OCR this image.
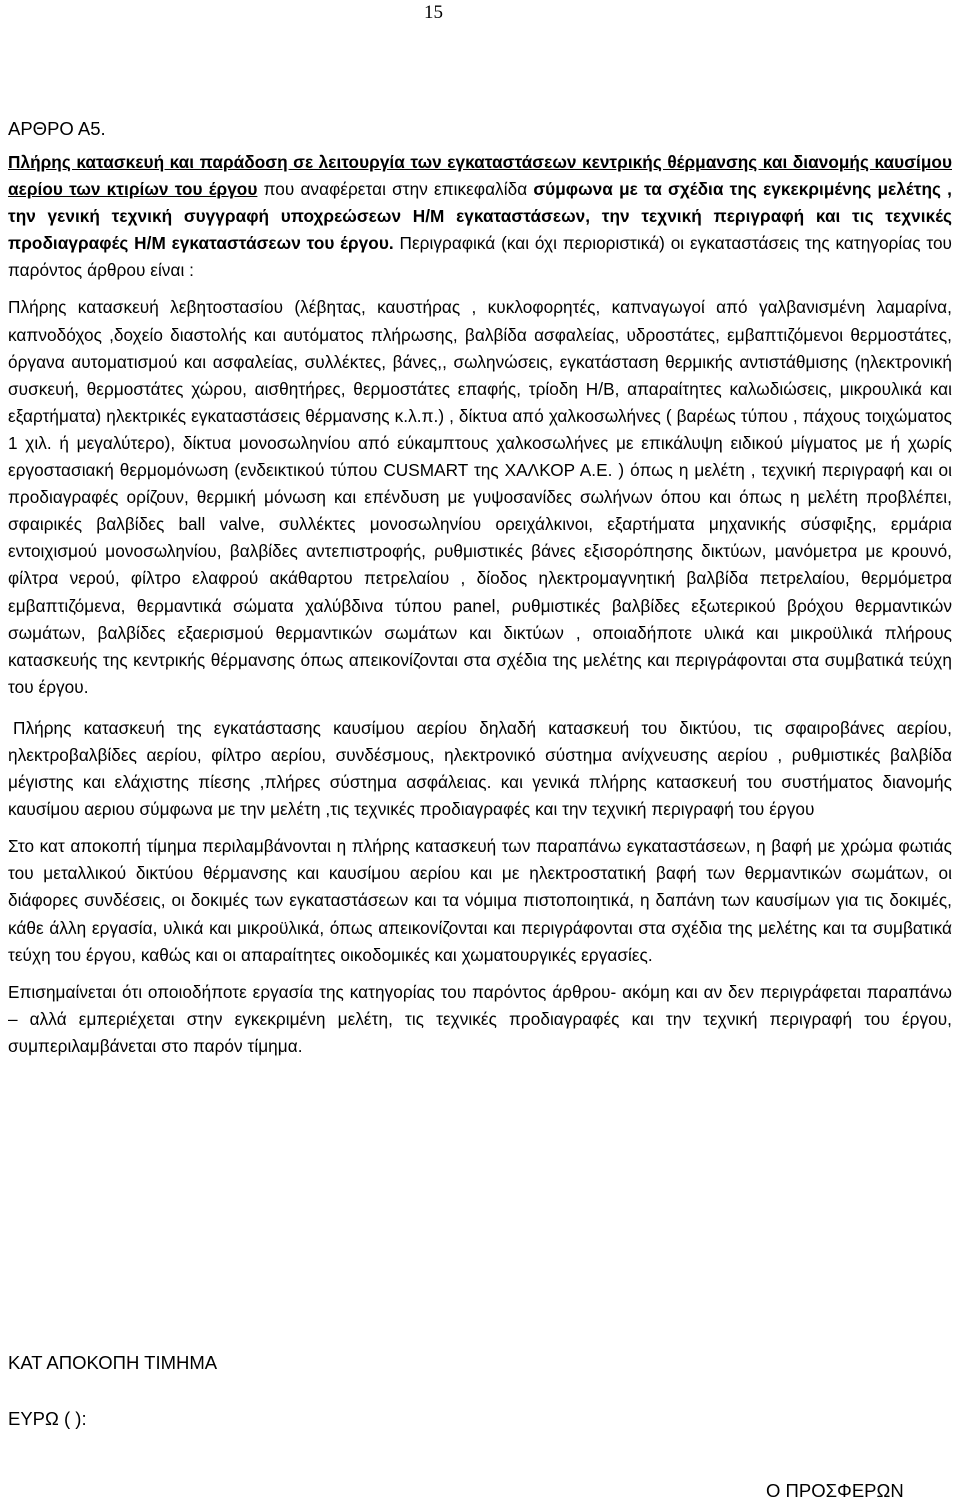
15
ΑΡΘΡΟ Α5.

Πλήρης κατασκευή και παράδοση σε λειτουργία των εγκαταστάσεων κεντρικής θέρμανσης και διανομής καυσίμου αερίου των κτιρίων του έργου που αναφέρεται στην επικεφαλίδα σύμφωνα με τα σχέδια της εγκεκριμένης μελέτης , την γενική τεχνική συγγραφή υποχρεώσεων Η/Μ εγκαταστάσεων, την τεχνική περιγραφή και τις τεχνικές προδιαγραφές Η/Μ εγκαταστάσεων του έργου. Περιγραφικά (και όχι περιοριστικά) οι εγκαταστάσεις της κατηγορίας του παρόντος άρθρου είναι :

Πλήρης κατασκευή λεβητοστασίου (λέβητας, καυστήρας , κυκλοφορητές, καπναγωγοί από γαλβανισμένη λαμαρίνα, καπνοδόχος ,δοχείο διαστολής και αυτόματος πλήρωσης, βαλβίδα ασφαλείας, υδροστάτες, εμβαπτιζόμενοι θερμοστάτες, όργανα αυτοματισμού και ασφαλείας, συλλέκτες, βάνες,, σωληνώσεις, εγκατάσταση θερμικής αντιστάθμισης (ηλεκτρονική συσκευή, θερμοστάτες χώρου, αισθητήρες, θερμοστάτες επαφής, τρίοδη Η/Β, απαραίτητες καλωδιώσεις, μικρουλικά και εξαρτήματα) ηλεκτρικές εγκαταστάσεις θέρμανσης κ.λ.π.) , δίκτυα από χαλκοσωλήνες ( βαρέως τύπου , πάχους τοιχώματος 1 χιλ. ή μεγαλύτερο), δίκτυα μονοσωληνίου από εύκαμπτους χαλκοσωλήνες με επικάλυψη ειδικού μίγματος με ή χωρίς εργοστασιακή θερμομόνωση (ενδεικτικού τύπου CUSMART της ΧΑΛΚΟΡ Α.Ε. ) όπως η μελέτη , τεχνική περιγραφή και οι προδιαγραφές ορίζουν, θερμική μόνωση και επένδυση με γυψοσανίδες σωλήνων όπου και όπως η μελέτη προβλέπει, σφαιρικές βαλβίδες ball valve, συλλέκτες μονοσωληνίου ορειχάλκινοι, εξαρτήματα μηχανικής σύσφιξης, ερμάρια εντοιχισμού μονοσωληνίου, βαλβίδες αντεπιστροφής, ρυθμιστικές βάνες εξισορόπησης δικτύων, μανόμετρα με κρουνό, φίλτρα νερού, φίλτρο ελαφρού ακάθαρτου πετρελαίου , δίοδος ηλεκτρομαγνητική βαλβίδα πετρελαίου, θερμόμετρα εμβαπτιζόμενα, θερμαντικά σώματα χαλύβδινα τύπου panel, ρυθμιστικές βαλβίδες εξωτερικού βρόχου θερμαντικών σωμάτων, βαλβίδες εξαερισμού θερμαντικών σωμάτων και δικτύων , οποιαδήποτε υλικά και μικροϋλικά πλήρους κατασκευής της κεντρικής θέρμανσης όπως απεικονίζονται στα σχέδια της μελέτης και περιγράφονται στα συμβατικά τεύχη του έργου.

Πλήρης κατασκευή της εγκατάστασης καυσίμου αερίου δηλαδή κατασκευή του δικτύου, τις σφαιροβάνες αερίου, ηλεκτροβαλβίδες αερίου, φίλτρο αερίου, συνδέσμους, ηλεκτρονικό σύστημα ανίχνευσης αερίου , ρυθμιστικές βαλβίδα μέγιστης και ελάχιστης πίεσης ,πλήρες σύστημα ασφάλειας. και γενικά πλήρης κατασκευή του συστήματος διανομής καυσίμου αεριου σύμφωνα με την μελέτη ,τις τεχνικές προδιαγραφές και την τεχνική περιγραφή του έργου

Στο κατ αποκοπή τίμημα περιλαμβάνονται η πλήρης κατασκευή των παραπάνω εγκαταστάσεων, η βαφή με χρώμα φωτιάς του μεταλλικού δικτύου θέρμανσης και καυσίμου αερίου και με ηλεκτροστατική βαφή των θερμαντικών σωμάτων, οι διάφορες συνδέσεις, οι δοκιμές των εγκαταστάσεων και τα νόμιμα πιστοποιητικά, η δαπάνη των καυσίμων για τις δοκιμές, κάθε άλλη εργασία, υλικά και μικροϋλικά, όπως απεικονίζονται και περιγράφονται στα σχέδια της μελέτης και τα συμβατικά τεύχη του έργου, καθώς και οι απαραίτητες οικοδομικές και χωματουργικές εργασίες.

Επισημαίνεται ότι οποιοδήποτε εργασία της κατηγορίας του παρόντος άρθρου- ακόμη και αν δεν περιγράφεται παραπάνω – αλλά εμπεριέχεται στην εγκεκριμένη μελέτη, τις τεχνικές προδιαγραφές και την τεχνική περιγραφή του έργου, συμπεριλαμβάνεται στο παρόν τίμημα.

ΚΑΤ ΑΠΟΚΟΠΗ ΤΙΜΗΜΑ
ΕΥΡΩ ( ):
Ο ΠΡΟΣΦΕΡΩΝ
